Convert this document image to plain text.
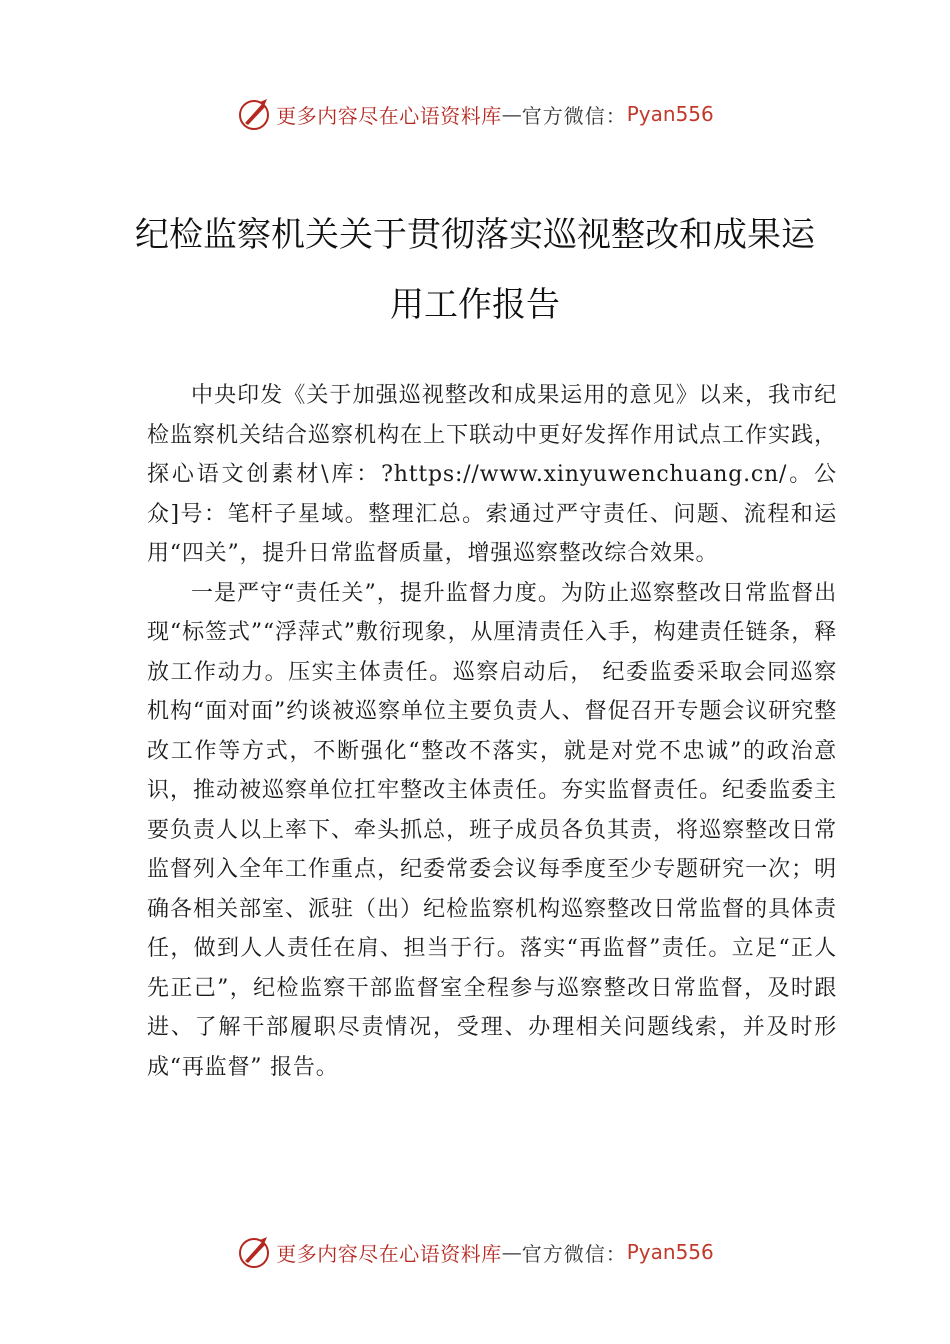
更多内容尽在心语资料库 — 官方微信： Pyan556
纪检监察机关关于贯彻落实巡视整改和成果运用工作报告

中央印发《关于加强巡视整改和成果运用的意见》以来，我市纪检监察机关结合巡察机构在上下联动中更好发挥作用试点工作实践，探心语文创素材\库：?https://www.xinyuwenchuang.cn/。公众]号：笔杆子星域。整理汇总。索通过严守责任、问题、流程和运用“四关”，提升日常监督质量，增强巡察整改综合效果。

一是严守“责任关”，提升监督力度。为防止巡察整改日常监督出现“标签式”“浮萍式”敷衍现象，从厘清责任入手，构建责任链条，释放工作动力。压实主体责任。巡察启动后， 纪委监委采取会同巡察机构“面对面”约谈被巡察单位主要负责人、督促召开专题会议研究整改工作等方式，不断强化“整改不落实，就是对党不忠诚”的政治意识，推动被巡察单位扛牢整改主体责任。夯实监督责任。纪委监委主要负责人以上率下、牵头抓总，班子成员各负其责，将巡察整改日常监督列入全年工作重点，纪委常委会议每季度至少专题研究一次；明确各相关部室、派驻（出）纪检监察机构巡察整改日常监督的具体责任，做到人人责任在肩、担当于行。落实“再监督”责任。立足“正人先正己”，纪检监察干部监督室全程参与巡察整改日常监督，及时跟进、了解干部履职尽责情况，受理、办理相关问题线索，并及时形成“再监督” 报告。

更多内容尽在心语资料库 — 官方微信： Pyan556
